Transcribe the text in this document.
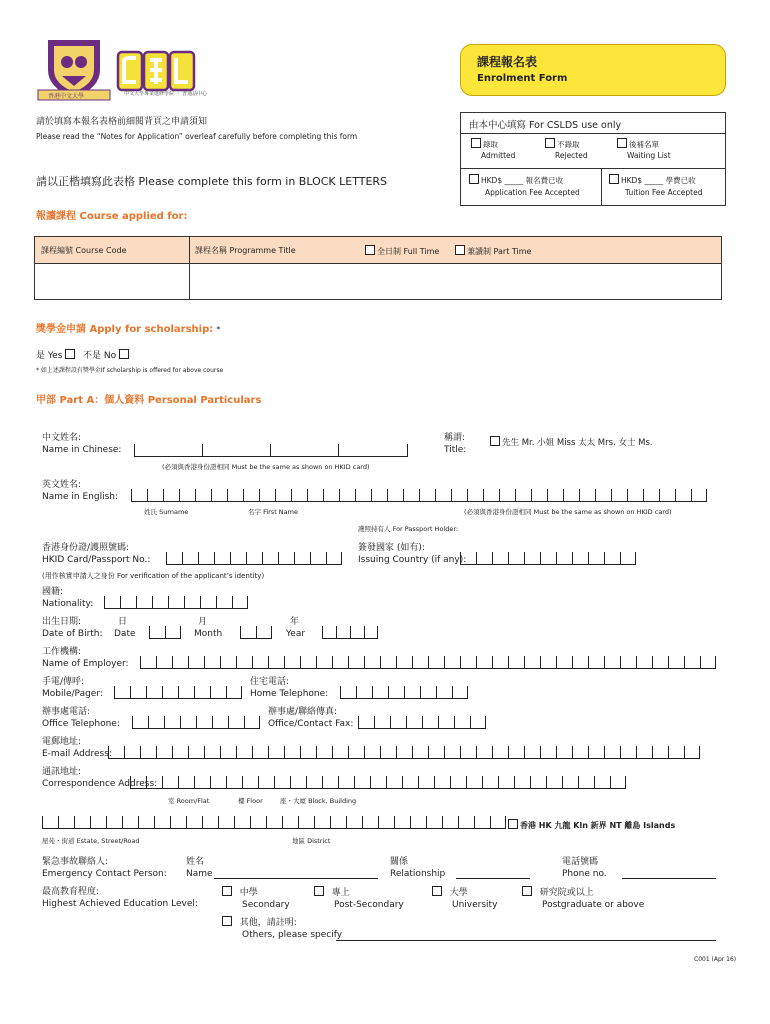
香港中文大學	中文大學專業進修學院 ・ 普通話中心
課程報名表
Enrolment Form
由本中心填寫 For CSLDS use only
錄取
Admitted
不錄取
Rejected
後補名單
Waiting List
HKD$ _____ 報名費已收
Application Fee Accepted
HKD$ _____ 學費已收
Tuition Fee Accepted
請於填寫本報名表格前細閱背頁之申請須知
Please read the “Notes for Application” overleaf carefully before completing this form
請以正楷填寫此表格 Please complete this form in BLOCK LETTERS
報讀課程 Course applied for:
課程編號 Course Code	課程名稱 Programme Title	全日制 Full Time	兼讀制 Part Time
獎學金申請 Apply for scholarship: *
是 Yes 不是 No
* 如上述課程設有獎學金If scholarship is offered for above course
甲部 Part A：個人資料 Personal Particulars
中文姓名:
Name in Chinese:
稱謂:
Title:
先生 Mr. 小姐 Miss 太太 Mrs. 女士 Ms.
(必須與香港身份證相同 Must be the same as shown on HKID card)
英文姓名:
Name in English:
姓氏 Surname	名字 First Name	(必須與香港身份證相同 Must be the same as shown on HKID card)
護照持有人 For Passport Holder:
香港身份證/護照號碼:
HKID Card/Passport No.:
簽發國家 (如有):
Issuing Country (if any):
(用作核實申請人之身份 For verification of the applicant’s identity)
國籍:
Nationality:
出生日期:
Date of Birth:
日
Date
月
Month
年
Year
工作機構:
Name of Employer:
手電/傳呼:
Mobile/Pager:
住宅電話:
Home Telephone:
辦事處電話:
Office Telephone:
辦事處/聯絡傳真:
Office/Contact Fax:
電郵地址:
E-mail Address:
通訊地址:
Correspondence Address:
室 Room/Flat	樓 Floor	座・大廈 Block, Building
香港 HK 九龍 Kln 新界 NT 離島 Islands
屋苑・街道 Estate, Street/Road	地區 District
緊急事故聯絡人:
Emergency Contact Person:
姓名
Name
關係
Relationship
電話號碼
Phone no.
最高教育程度:
Highest Achieved Education Level:
中學
Secondary
專上
Post-Secondary
大學
University
研究院或以上
Postgraduate or above
其他，請註明:
Others, please specify
C001 (Apr 16)
